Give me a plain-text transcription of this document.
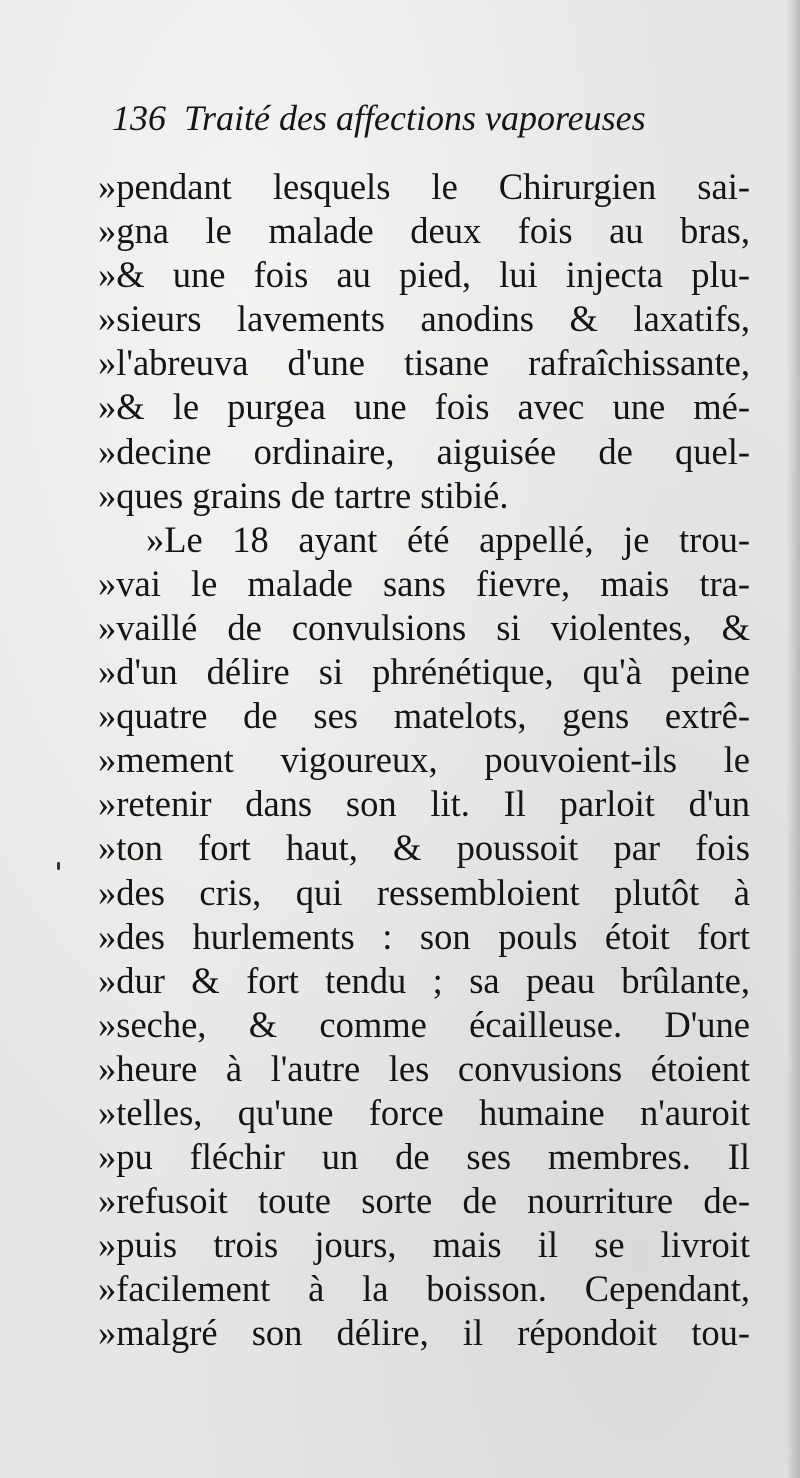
136 Traité des affections vaporeuses
»pendant lesquels le Chirurgien sai-
»gna le malade deux fois au bras,
»& une fois au pied, lui injecta plu-
»sieurs lavements anodins & laxatifs,
»l'abreuva d'une tisane rafraîchissante,
»& le purgea une fois avec une mé-
»decine ordinaire, aiguisée de quel-
»ques grains de tartre stibié.
»Le 18 ayant été appellé, je trou-
»vai le malade sans fievre, mais tra-
»vaillé de convulsions si violentes, &
»d'un délire si phrénétique, qu'à peine
»quatre de ses matelots, gens extrê-
»mement vigoureux, pouvoient-ils le
»retenir dans son lit. Il parloit d'un
»ton fort haut, & poussoit par fois
»des cris, qui ressembloient plutôt à
»des hurlements : son pouls étoit fort
»dur & fort tendu ; sa peau brûlante,
»seche, & comme écailleuse. D'une
»heure à l'autre les convusions étoient
»telles, qu'une force humaine n'auroit
»pu fléchir un de ses membres. Il
»refusoit toute sorte de nourriture de-
»puis trois jours, mais il se livroit
»facilement à la boisson. Cependant,
»malgré son délire, il répondoit tou-
